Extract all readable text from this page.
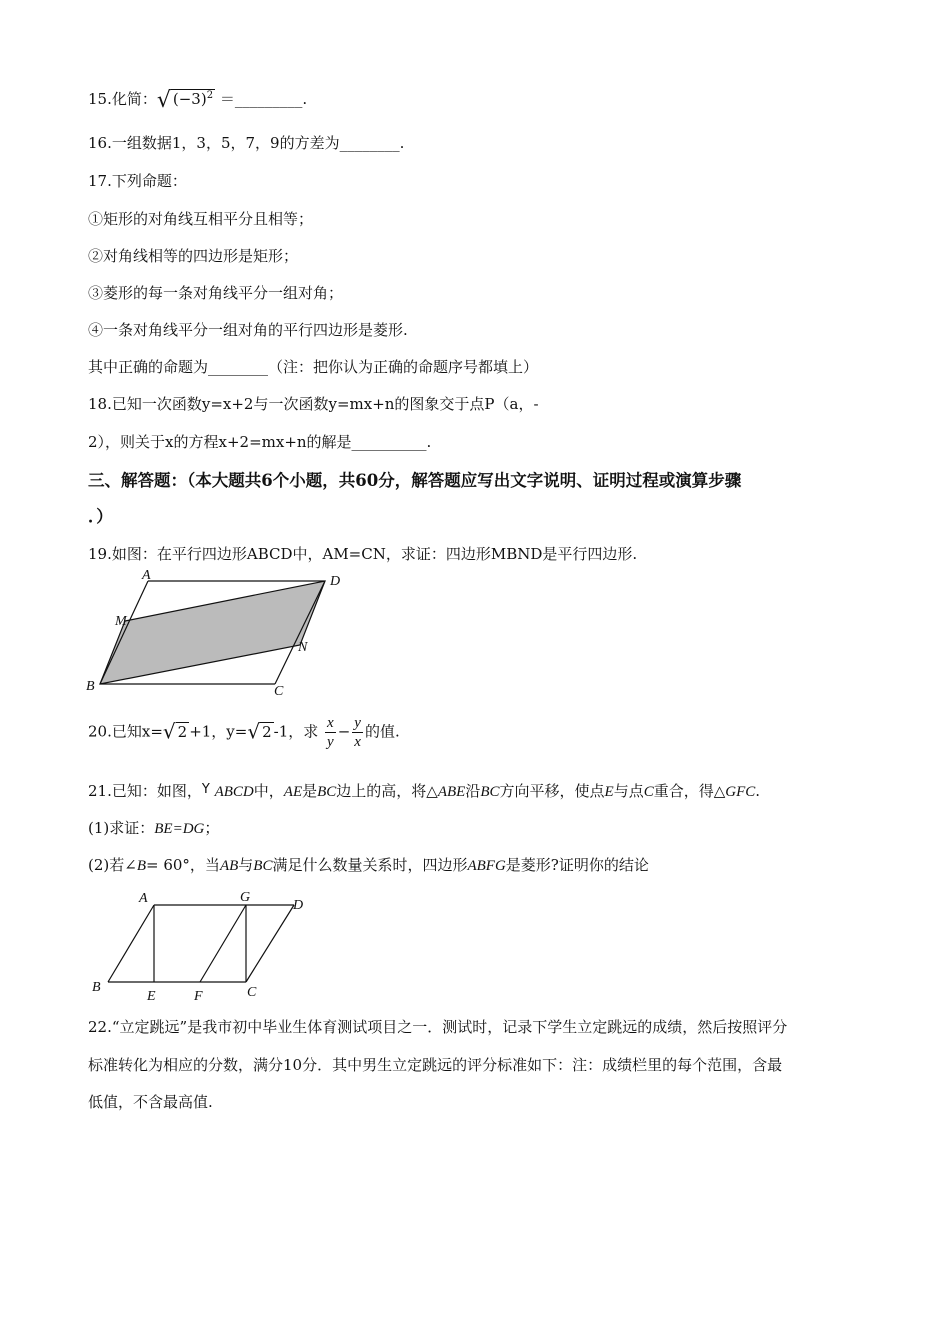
15.化简：√ $(-3)^2$ ＝_________.
16.一组数据1，3，5，7，9的方差为________.
17.下列命题：
①矩形的对角线互相平分且相等；
②对角线相等的四边形是矩形；
③菱形的每一条对角线平分一组对角；
④一条对角线平分一组对角的平行四边形是菱形.
其中正确的命题为________（注：把你认为正确的命题序号都填上）
18.已知一次函数y=x+2与一次函数y=mx+n的图象交于点P（a，-
2），则关于x的方程x+2=mx+n的解是__________.
三、解答题：（本大题共6个小题，共60分，解答题应写出文字说明、证明过程或演算步骤
．）
19.如图：在平行四边形ABCD中，AM=CN，求证：四边形MBND是平行四边形.
A	D
M
N
B	C
20.已知x=√ 2 +1，y=√ 2 -1，求 $\frac{x}{y} - \frac{y}{x}$ 的值.
21.已知：如图，Y ABCD中，AE是BC边上的高，将△ABE沿BC方向平移，使点E与点C重合，得△GFC.
(1)求证：BE=DG；
(2)若∠B= 60°，当AB与BC满足什么数量关系时，四边形ABFG是菱形?证明你的结论
A	G
D
B
E	F	C
22.“立定跳远”是我市初中毕业生体育测试项目之一．测试时，记录下学生立定跳远的成绩，然后按照评分
标准转化为相应的分数，满分10分．其中男生立定跳远的评分标准如下：注：成绩栏里的每个范围，含最
低值，不含最高值.
